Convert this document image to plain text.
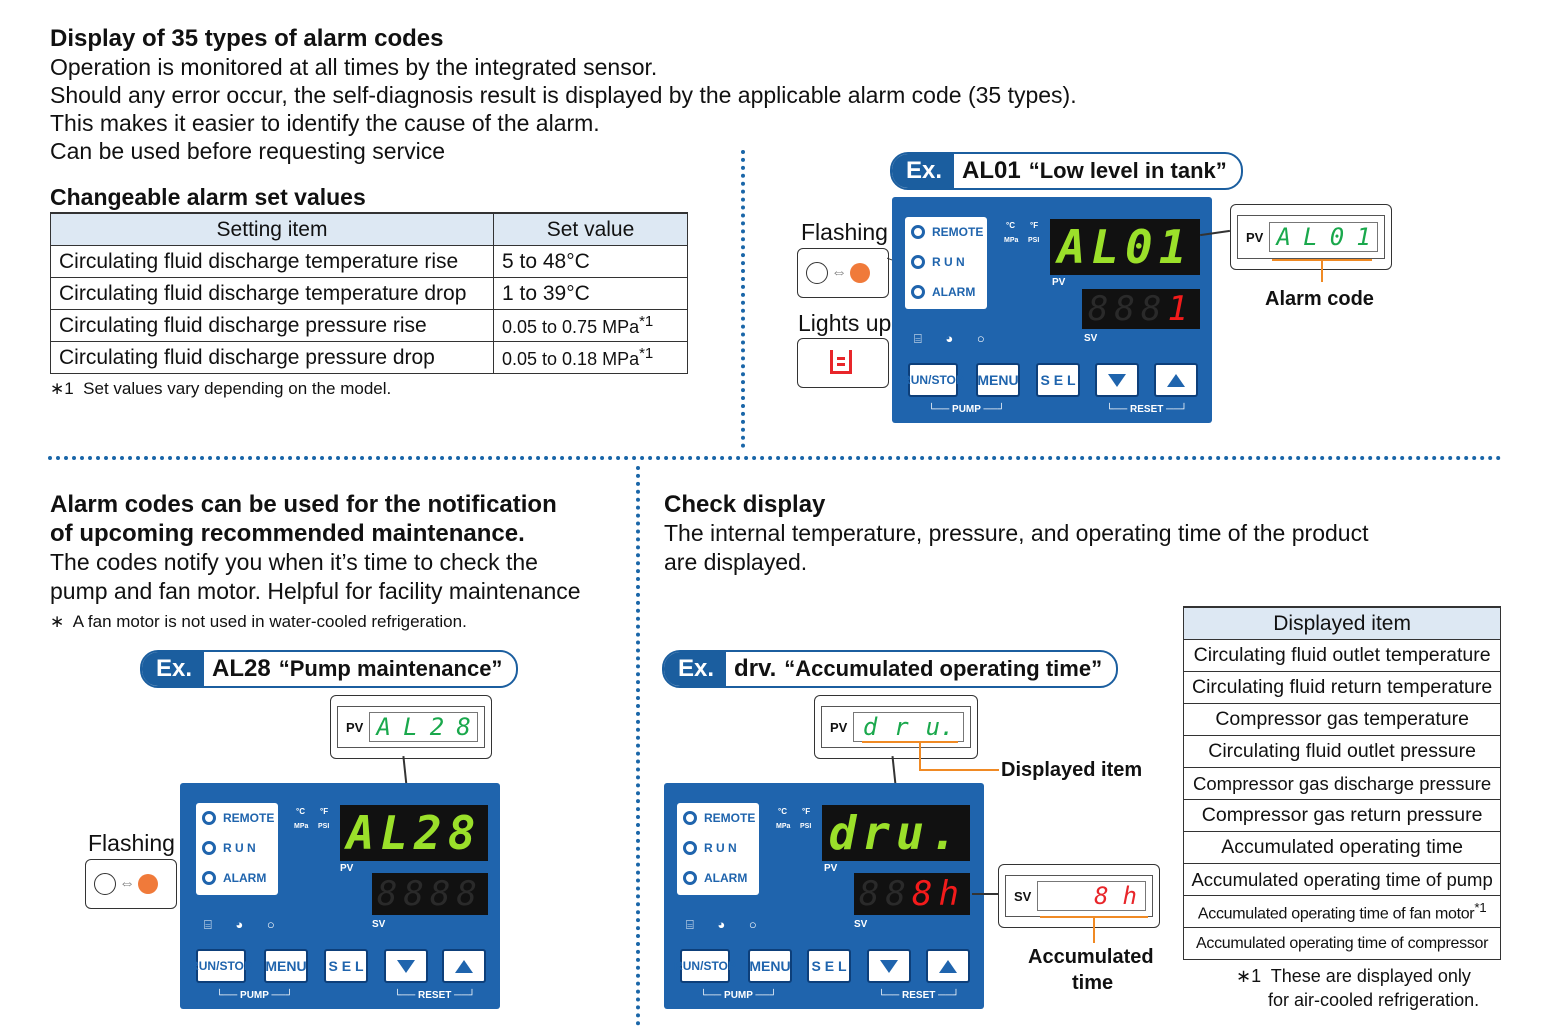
Display of 35 types of alarm codes
Operation is monitored at all times by the integrated sensor.
Should any error occur, the self-diagnosis result is displayed by the applicable alarm code (35 types).
This makes it easier to identify the cause of the alarm.
Can be used before requesting service
Changeable alarm set values
Setting item	Set value
Circulating fluid discharge temperature rise	5 to 48°C
Circulating fluid discharge temperature drop	1 to 39°C
Circulating fluid discharge pressure rise	0.05 to 0.75 MPa$^{*1}$
Circulating fluid discharge pressure drop	0.05 to 0.18 MPa$^{*1}$
∗1 Set values vary depending on the model.
Ex. AL01 “Low level in tank”
Flashing
⇔
Lights up
REMOTE
R U N
ALARM
°C °F
MPa PSI AL01
PV
888 1
SV
⌸ ◕ ○
RUN/ STOP MENU	S E L
└── PUMP ──┘	└── RESET ──┘
PV A L 0 1
Alarm code
Alarm codes can be used for the notification
of upcoming recommended maintenance.
The codes notify you when it’s time to check the
pump and fan motor. Helpful for facility maintenance
∗ A fan motor is not used in water-cooled refrigeration.
Ex. AL28 “Pump maintenance”
PV A L 2 8
Flashing
⇔
REMOTE
R U N
ALARM
°C °F
MPa PSI AL28
PV
8888
SV
⌸ ◕ ○
RUN/ STOP MENU	S E L
└── PUMP ──┘	└── RESET ──┘
Check display
The internal temperature, pressure, and operating time of the product
are displayed.
Ex. drv. “Accumulated operating time”
PV d r u.
Displayed item
REMOTE
R U N
ALARM
°C °F
MPa PSI dru.
PV
88 8h
SV
⌸ ◕ ○
RUN/ STOP MENU	S E L
└── PUMP ──┘	└── RESET ──┘
SV	8 h
Accumulated
time
Displayed item
Circulating fluid outlet temperature
Circulating fluid return temperature
Compressor gas temperature
Circulating fluid outlet pressure
Compressor gas discharge pressure
Compressor gas return pressure
Accumulated operating time
Accumulated operating time of pump
Accumulated operating time of fan motor$^{*1}$
Accumulated operating time of compressor
∗1 These are displayed only
for air-cooled refrigeration.
